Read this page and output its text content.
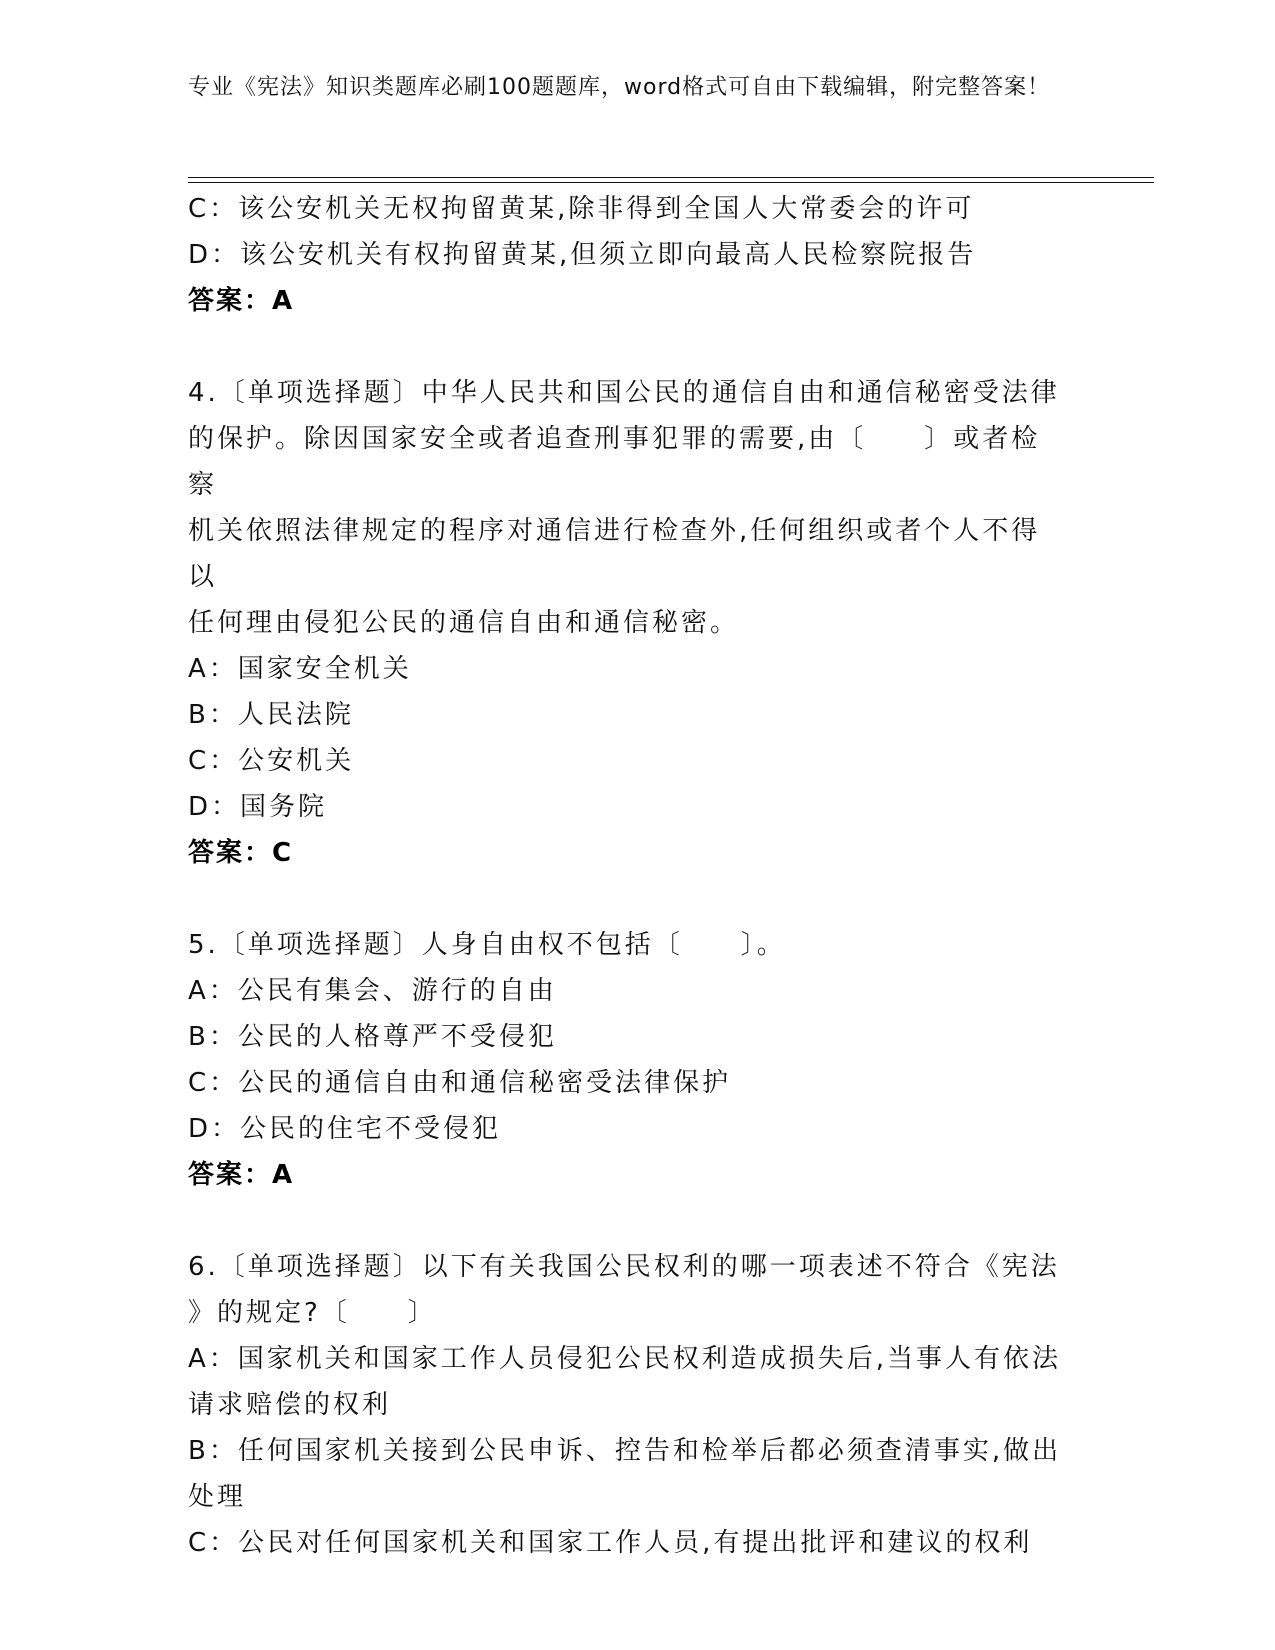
专业《宪法》知识类题库必刷100题题库，word格式可自由下载编辑，附完整答案！
C：该公安机关无权拘留黄某,除非得到全国人大常委会的许可
D：该公安机关有权拘留黄某,但须立即向最高人民检察院报告
答案：A
4.〔单项选择题〕中华人民共和国公民的通信自由和通信秘密受法律
的保护。除因国家安全或者追查刑事犯罪的需要,由〔　　〕或者检察
机关依照法律规定的程序对通信进行检查外,任何组织或者个人不得以
任何理由侵犯公民的通信自由和通信秘密。
A：国家安全机关
B：人民法院
C：公安机关
D：国务院
答案：C
5.〔单项选择题〕人身自由权不包括〔　　〕。
A：公民有集会、游行的自由
B：公民的人格尊严不受侵犯
C：公民的通信自由和通信秘密受法律保护
D：公民的住宅不受侵犯
答案：A
6.〔单项选择题〕以下有关我国公民权利的哪一项表述不符合《宪法
》的规定?〔　　〕
A：国家机关和国家工作人员侵犯公民权利造成损失后,当事人有依法
请求赔偿的权利
B：任何国家机关接到公民申诉、控告和检举后都必须查清事实,做出
处理
C：公民对任何国家机关和国家工作人员,有提出批评和建议的权利
